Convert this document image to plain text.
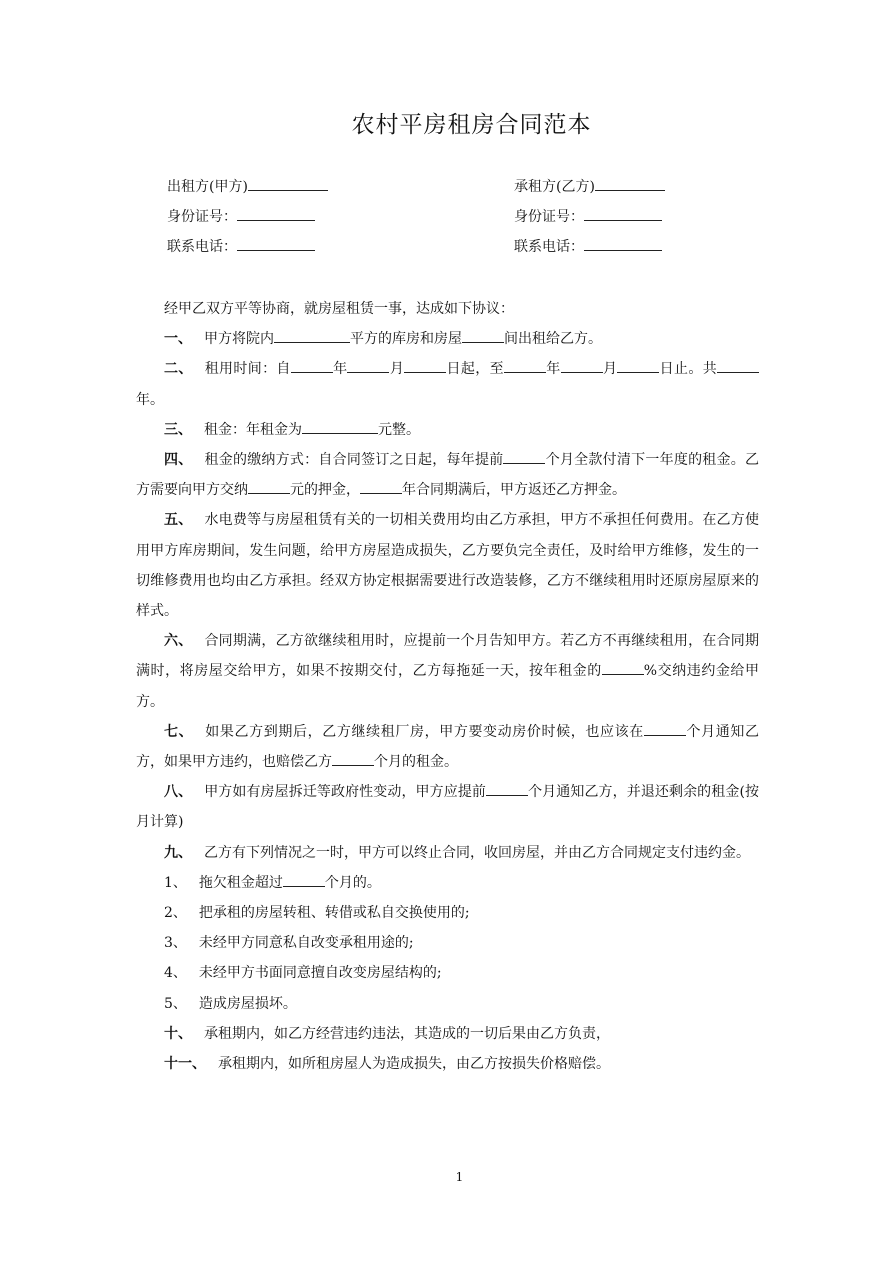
农村平房租房合同范本
出租方(甲方)	承租方(乙方)
身份证号：	身份证号：
联系电话：	联系电话：

经甲乙双方平等协商，就房屋租赁一事，达成如下协议：

一、 甲方将院内	平方的库房和房屋	间出租给乙方。

二、 租用时间：自	年	月	日起，至	年	月	日止。共年。

三、 租金：年租金为	元整。

四、 租金的缴纳方式：自合同签订之日起，每年提前	个月全款付清下一年度的租金。乙方需要向甲方交纳	元的押金，	年合同期满后，甲方返还乙方押金。

五、 水电费等与房屋租赁有关的一切相关费用均由乙方承担，甲方不承担任何费用。在乙方使用甲方库房期间，发生问题，给甲方房屋造成损失，乙方要负完全责任，及时给甲方维修，发生的一切维修费用也均由乙方承担。经双方协定根据需要进行改造装修，乙方不继续租用时还原房屋原来的样式。

六、 合同期满，乙方欲继续租用时，应提前一个月告知甲方。若乙方不再继续租用，在合同期满时，将房屋交给甲方，如果不按期交付，乙方每拖延一天，按年租金的	%交纳违约金给甲方。

七、 如果乙方到期后，乙方继续租厂房，甲方要变动房价时候，也应该在	个月通知乙方，如果甲方违约，也赔偿乙方	个月的租金。

八、 甲方如有房屋拆迁等政府性变动，甲方应提前	个月通知乙方，并退还剩余的租金(按月计算)

九、 乙方有下列情况之一时，甲方可以终止合同，收回房屋，并由乙方合同规定支付违约金。

1、 拖欠租金超过	个月的。

2、 把承租的房屋转租、转借或私自交换使用的;

3、 未经甲方同意私自改变承租用途的;

4、 未经甲方书面同意擅自改变房屋结构的;

5、 造成房屋损坏。

十、 承租期内，如乙方经营违约违法，其造成的一切后果由乙方负责，

十一、 承租期内，如所租房屋人为造成损失，由乙方按损失价格赔偿。

1
